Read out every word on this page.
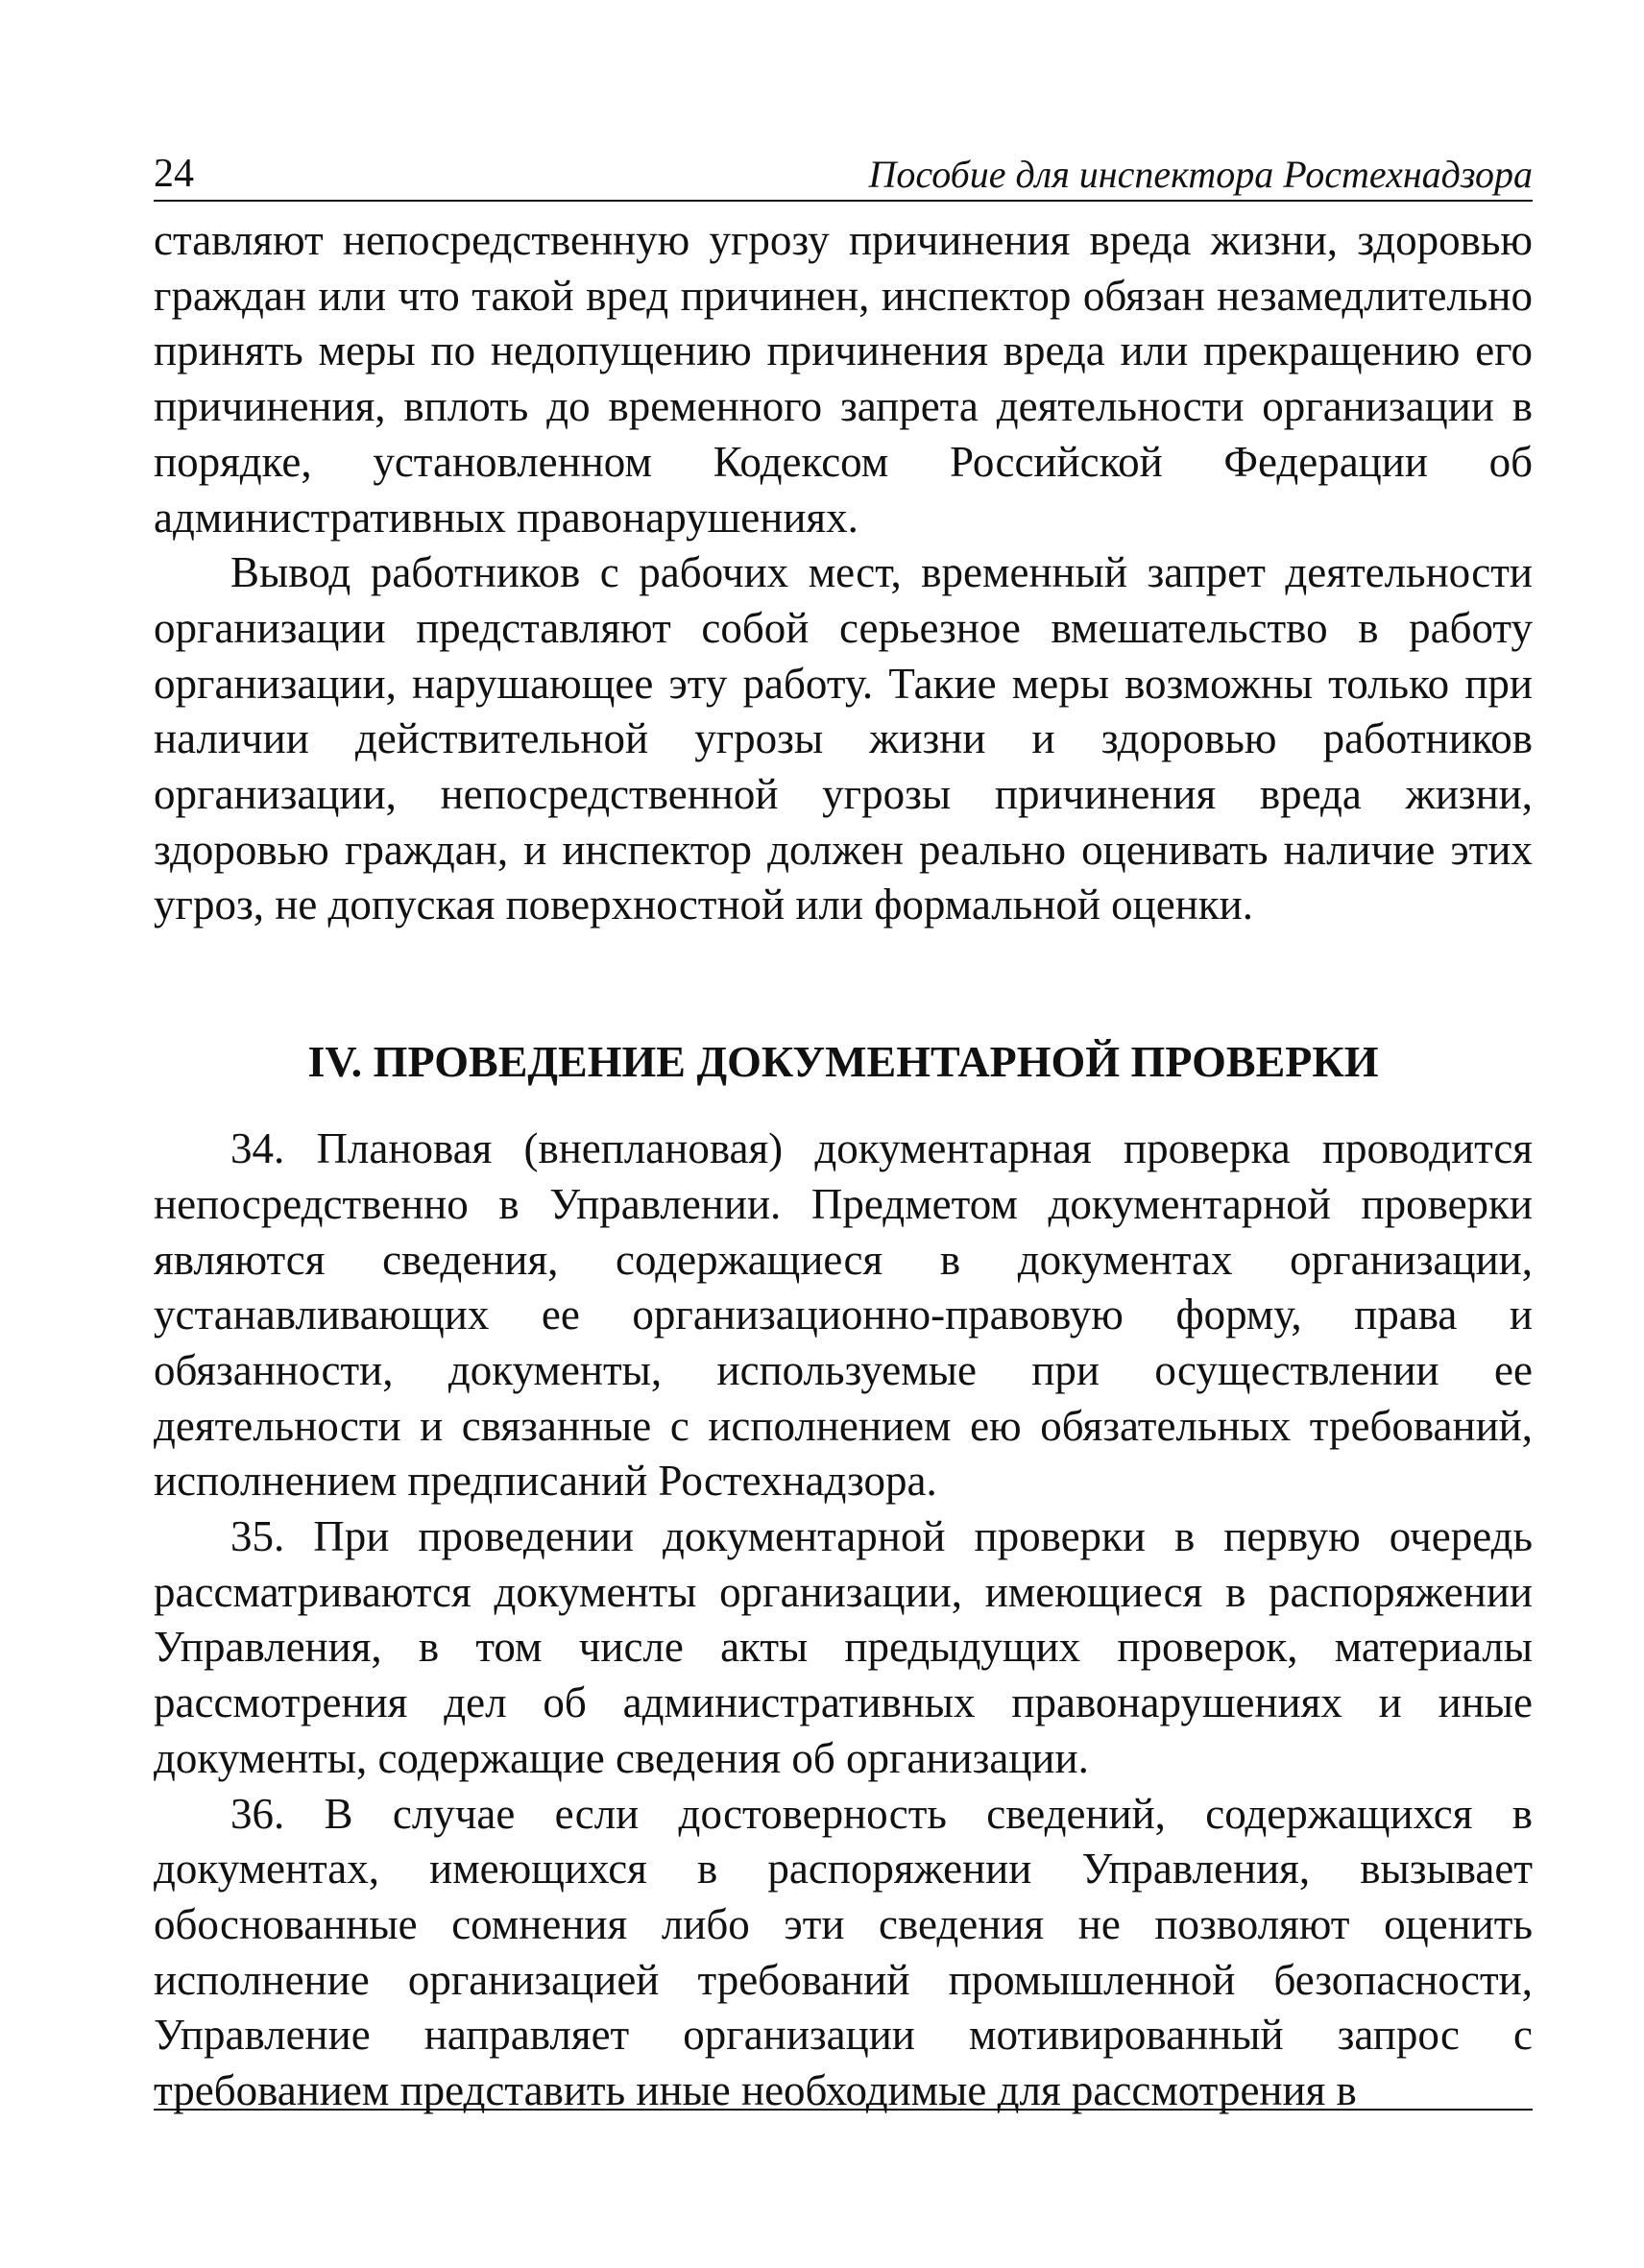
24	Пособие для инспектора Ростехнадзора

ставляют непосредственную угрозу причинения вреда жизни, здоровью граждан или что такой вред причинен, инспектор обязан незамедлительно принять меры по недопущению причинения вреда или прекращению его причинения, вплоть до временного запрета деятельности организации в порядке, установленном Кодексом Российской Федерации об административных правонарушениях.

Вывод работников с рабочих мест, временный запрет деятельности организации представляют собой серьезное вмешательство в работу организации, нарушающее эту работу. Такие меры возможны только при наличии действительной угрозы жизни и здоровью работников организации, непосредственной угрозы причинения вреда жизни, здоровью граждан, и инспектор должен реально оценивать наличие этих угроз, не допуская поверхностной или формальной оценки.

IV. ПРОВЕДЕНИЕ ДОКУМЕНТАРНОЙ ПРОВЕРКИ

34. Плановая (внеплановая) документарная проверка проводится непосредственно в Управлении. Предметом документарной проверки являются сведения, содержащиеся в документах организации, устанавливающих ее организационно-правовую форму, права и обязанности, документы, используемые при осуществлении ее деятельности и связанные с исполнением ею обязательных требований, исполнением предписаний Ростехнадзора.

35. При проведении документарной проверки в первую очередь рассматриваются документы организации, имеющиеся в распоряжении Управления, в том числе акты предыдущих проверок, материалы рассмотрения дел об административных правонарушениях и иные документы, содержащие сведения об организации.

36. В случае если достоверность сведений, содержащихся в документах, имеющихся в распоряжении Управления, вызывает обоснованные сомнения либо эти сведения не позволяют оценить исполнение организацией требований промышленной безопасности, Управление направляет организации мотивированный запрос с требованием представить иные необходимые для рассмотрения в
